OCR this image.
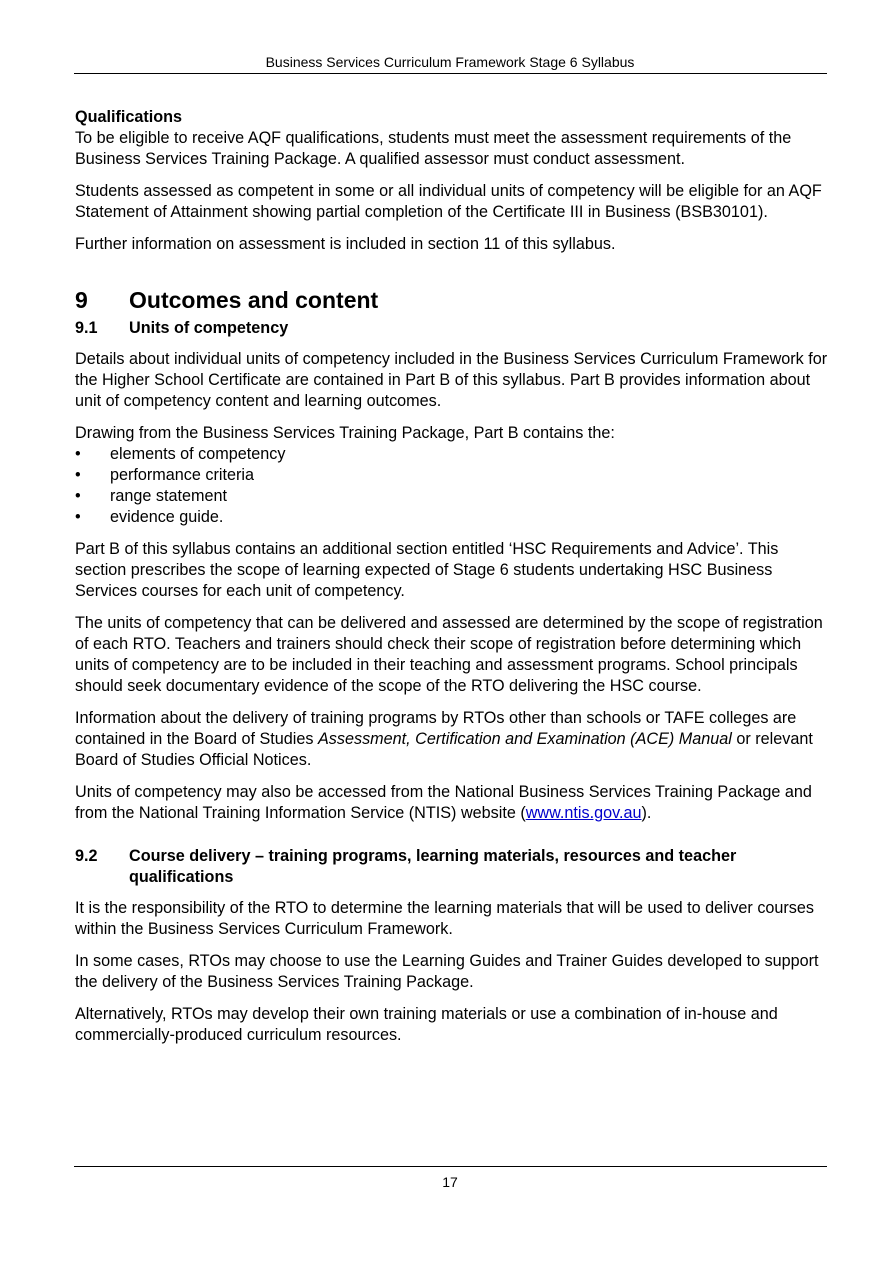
Business Services Curriculum Framework Stage 6 Syllabus
Qualifications

To be eligible to receive AQF qualifications, students must meet the assessment requirements of the Business Services Training Package. A qualified assessor must conduct assessment.

Students assessed as competent in some or all individual units of competency will be eligible for an AQF Statement of Attainment showing partial completion of the Certificate III in Business (BSB30101).

Further information on assessment is included in section 11 of this syllabus.

9	Outcomes and content
9.1	Units of competency

Details about individual units of competency included in the Business Services Curriculum Framework for the Higher School Certificate are contained in Part B of this syllabus. Part B provides information about unit of competency content and learning outcomes.

Drawing from the Business Services Training Package, Part B contains the:

•	elements of competency
•	performance criteria
•	range statement
•	evidence guide.

Part B of this syllabus contains an additional section entitled ‘HSC Requirements and Advice’. This section prescribes the scope of learning expected of Stage 6 students undertaking HSC Business Services courses for each unit of competency.

The units of competency that can be delivered and assessed are determined by the scope of registration of each RTO. Teachers and trainers should check their scope of registration before determining which units of competency are to be included in their teaching and assessment programs. School principals should seek documentary evidence of the scope of the RTO delivering the HSC course.

Information about the delivery of training programs by RTOs other than schools or TAFE colleges are contained in the Board of Studies Assessment, Certification and Examination (ACE) Manual or relevant Board of Studies Official Notices.

Units of competency may also be accessed from the National Business Services Training Package and from the National Training Information Service (NTIS) website (www.ntis.gov.au).

9.2	Course delivery – training programs, learning materials, resources and teacher qualifications

It is the responsibility of the RTO to determine the learning materials that will be used to deliver courses within the Business Services Curriculum Framework.

In some cases, RTOs may choose to use the Learning Guides and Trainer Guides developed to support the delivery of the Business Services Training Package.

Alternatively, RTOs may develop their own training materials or use a combination of in-house and commercially-produced curriculum resources.

17
